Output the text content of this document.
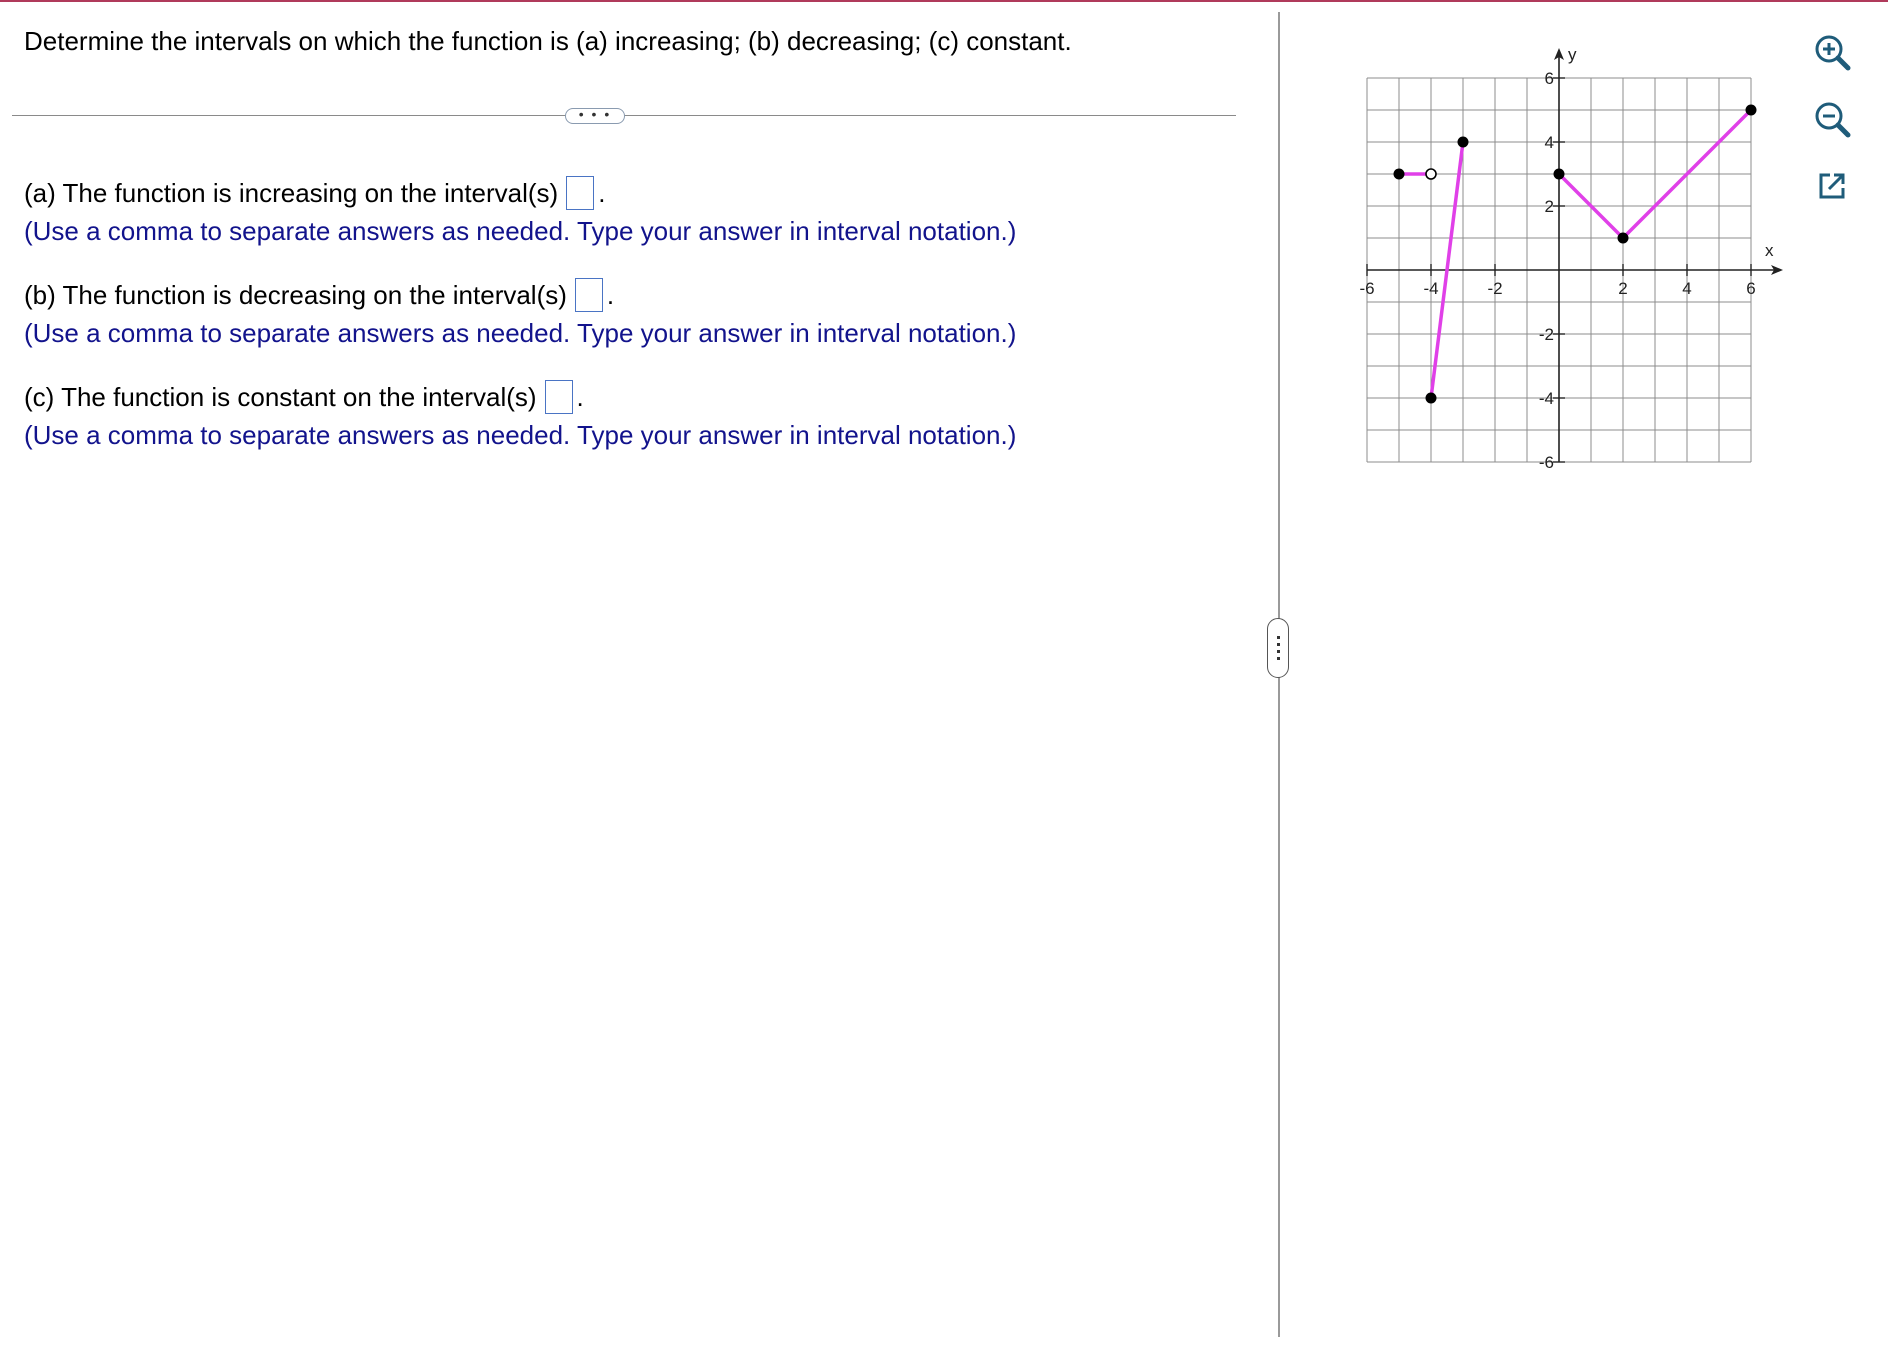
Determine the intervals on which the function is (a) increasing; (b) decreasing; (c) constant.
• • •
(a) The function is increasing on the interval(s) .
(Use a comma to separate answers as needed. Type your answer in interval notation.)
(b) The function is decreasing on the interval(s) .
(Use a comma to separate answers as needed. Type your answer in interval notation.)
(c) The function is constant on the interval(s) .
(Use a comma to separate answers as needed. Type your answer in interval notation.)
x
y
-6	-4	-2	2	4	6
-6
-4
-2
2
4
6
